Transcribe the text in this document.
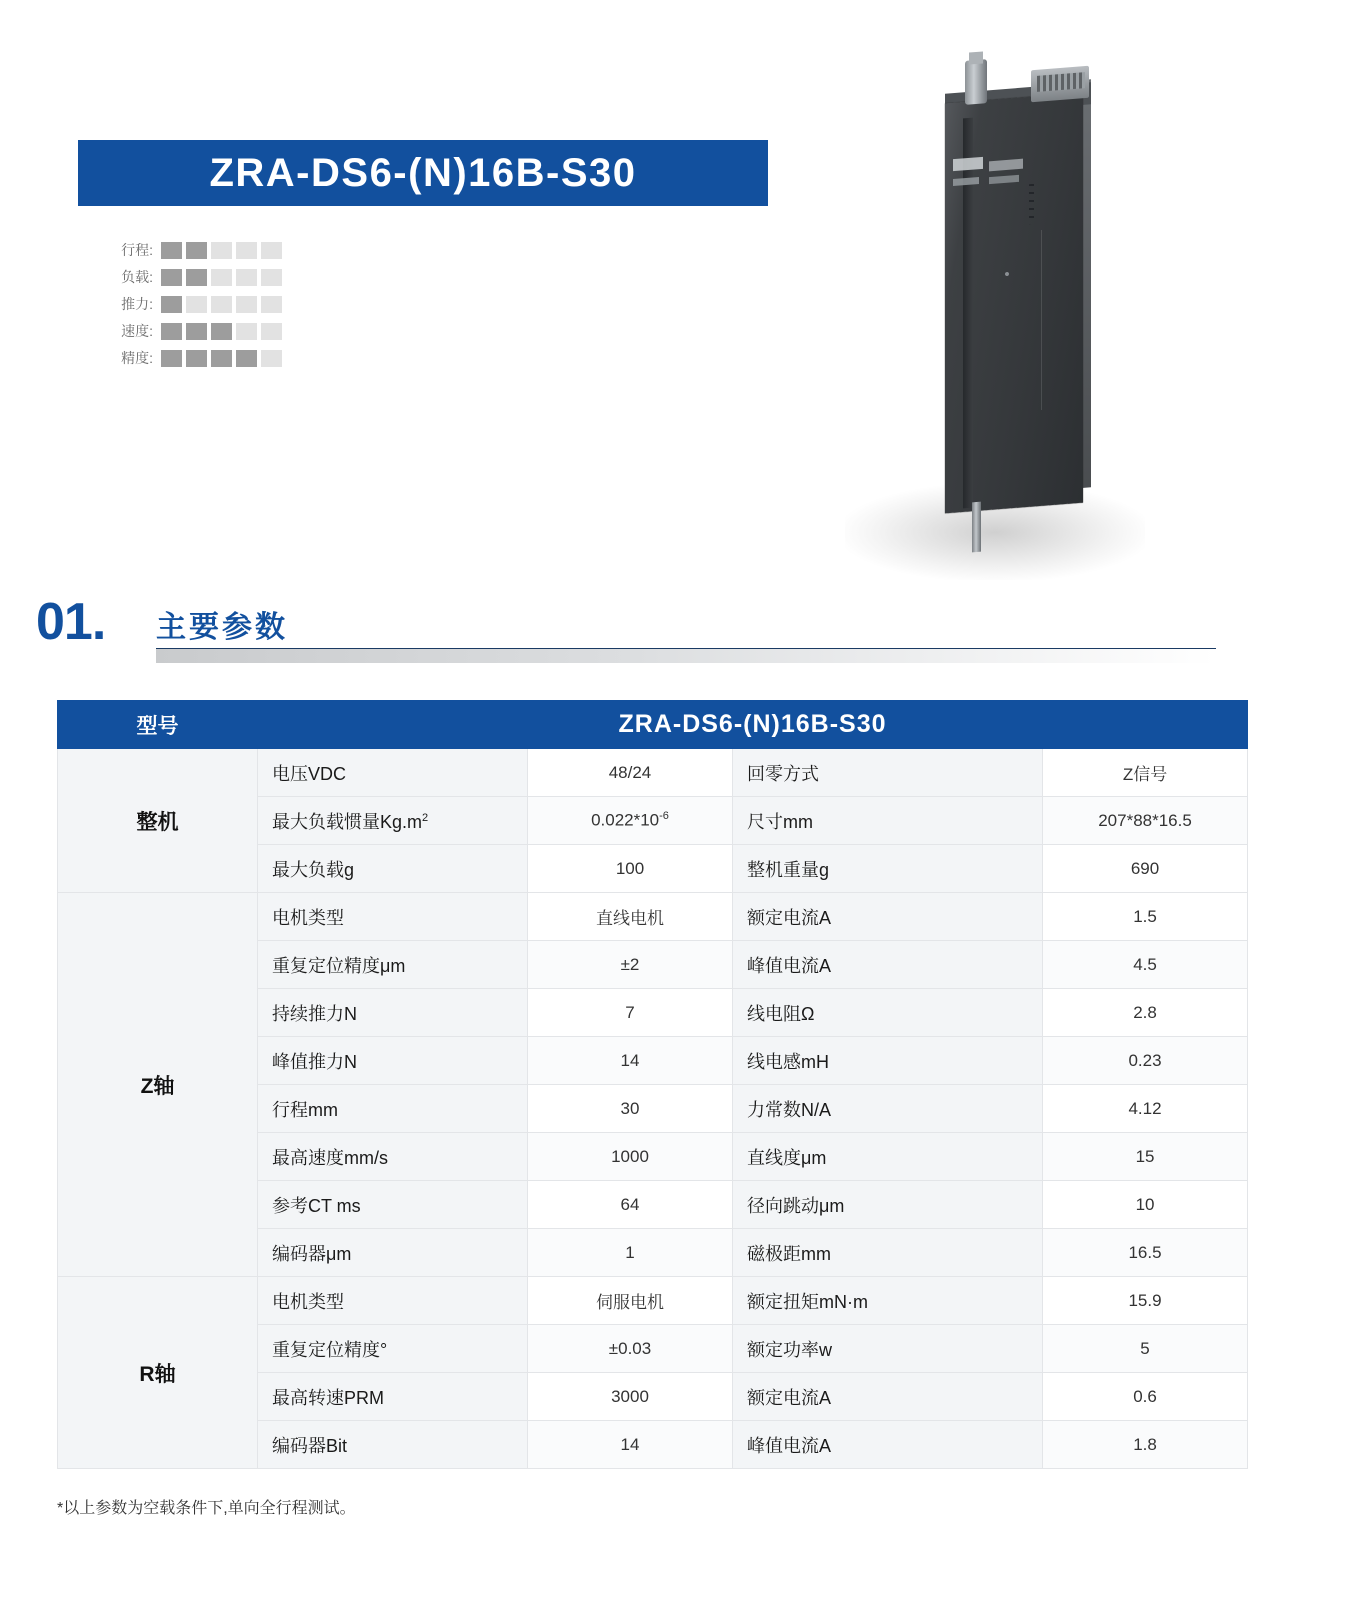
ZRA-DS6-(N)16B-S30
行程:
负载:
推力:
速度:
精度:
01. 主要参数
型号	ZRA-DS6-(N)16B-S30			
整机	电压VDC	48/24	回零方式	Z信号
	最大负载惯量$Kg.m^2$	$0.022*10^{-6}$	尺寸mm	207*88*16.5
	最大负载g	100	整机重量g	690
Z轴	电机类型	直线电机	额定电流A	1.5
	重复定位精度μm	±2	峰值电流A	4.5
	持续推力N	7	线电阻Ω	2.8
	峰值推力N	14	线电感mH	0.23
	行程mm	30	力常数N/A	4.12
	最高速度mm/s	1000	直线度μm	15
	参考CT ms	64	径向跳动μm	10
	编码器μm	1	磁极距mm	16.5
R轴	电机类型	伺服电机	额定扭矩mN·m	15.9
	重复定位精度°	±0.03	额定功率w	5
	最高转速PRM	3000	额定电流A	0.6
	编码器Bit	14	峰值电流A	1.8
*以上参数为空载条件下,单向全行程测试。
